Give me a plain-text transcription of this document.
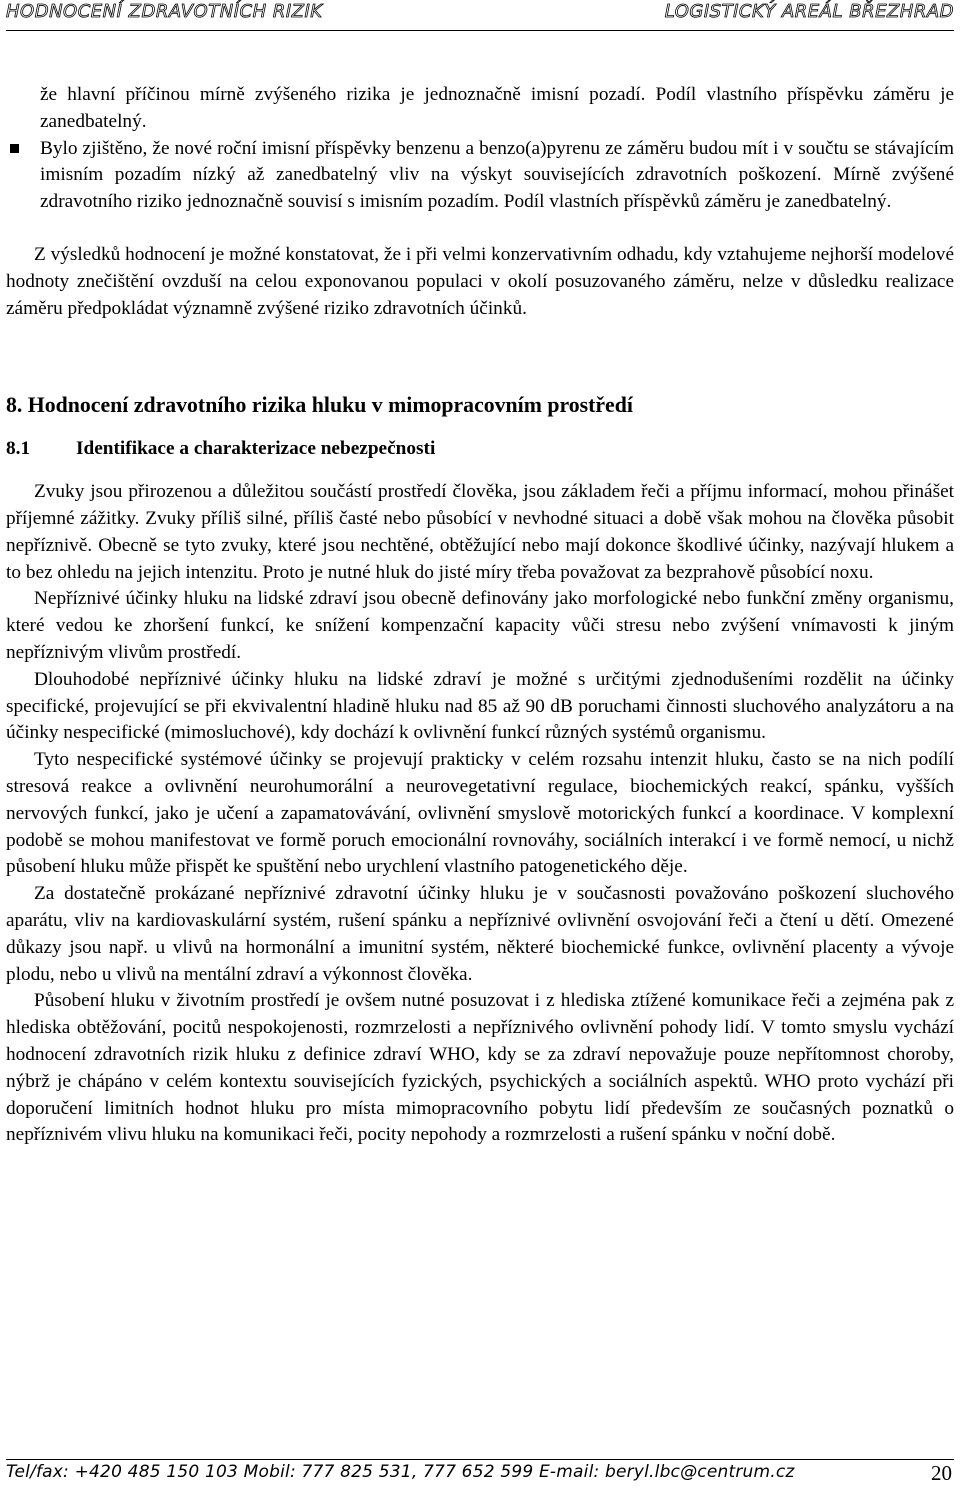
HODNOCENÍ ZDRAVOTNÍCH RIZIK	LOGISTICKÝ AREÁL BŘEZHRAD

že hlavní příčinou mírně zvýšeného rizika je jednoznačně imisní pozadí. Podíl vlastního příspěvku záměru je zanedbatelný.

Bylo zjištěno, že nové roční imisní příspěvky benzenu a benzo(a)pyrenu ze záměru budou mít i v součtu se stávajícím imisním pozadím nízký až zanedbatelný vliv na výskyt souvisejících zdravotních poškození. Mírně zvýšené zdravotního riziko jednoznačně souvisí s imisním pozadím. Podíl vlastních příspěvků záměru je zanedbatelný.

Z výsledků hodnocení je možné konstatovat, že i při velmi konzervativním odhadu, kdy vztahujeme nejhorší modelové hodnoty znečištění ovzduší na celou exponovanou populaci v okolí posuzovaného záměru, nelze v důsledku realizace záměru předpokládat významně zvýšené riziko zdravotních účinků.

8. Hodnocení zdravotního rizika hluku v mimopracovním prostředí

8.1	Identifikace a charakterizace nebezpečnosti

Zvuky jsou přirozenou a důležitou součástí prostředí člověka, jsou základem řeči a příjmu informací, mohou přinášet příjemné zážitky. Zvuky příliš silné, příliš časté nebo působící v nevhodné situaci a době však mohou na člověka působit nepříznivě. Obecně se tyto zvuky, které jsou nechtěné, obtěžující nebo mají dokonce škodlivé účinky, nazývají hlukem a to bez ohledu na jejich intenzitu. Proto je nutné hluk do jisté míry třeba považovat za bezprahově působící noxu.

Nepříznivé účinky hluku na lidské zdraví jsou obecně definovány jako morfologické nebo funkční změny organismu, které vedou ke zhoršení funkcí, ke snížení kompenzační kapacity vůči stresu nebo zvýšení vnímavosti k jiným nepříznivým vlivům prostředí.

Dlouhodobé nepříznivé účinky hluku na lidské zdraví je možné s určitými zjednodušeními rozdělit na účinky specifické, projevující se při ekvivalentní hladině hluku nad 85 až 90 dB poruchami činnosti sluchového analyzátoru a na účinky nespecifické (mimosluchové), kdy dochází k ovlivnění funkcí různých systémů organismu.

Tyto nespecifické systémové účinky se projevují prakticky v celém rozsahu intenzit hluku, často se na nich podílí stresová reakce a ovlivnění neurohumorální a neurovegetativní regulace, biochemických reakcí, spánku, vyšších nervových funkcí, jako je učení a zapamatovávání, ovlivnění smyslově motorických funkcí a koordinace. V komplexní podobě se mohou manifestovat ve formě poruch emocionální rovnováhy, sociálních interakcí i ve formě nemocí, u nichž působení hluku může přispět ke spuštění nebo urychlení vlastního patogenetického děje.

Za dostatečně prokázané nepříznivé zdravotní účinky hluku je v současnosti považováno poškození sluchového aparátu, vliv na kardiovaskulární systém, rušení spánku a nepříznivé ovlivnění osvojování řeči a čtení u dětí. Omezené důkazy jsou např. u vlivů na hormonální a imunitní systém, některé biochemické funkce, ovlivnění placenty a vývoje plodu, nebo u vlivů na mentální zdraví a výkonnost člověka.

Působení hluku v životním prostředí je ovšem nutné posuzovat i z hlediska ztížené komunikace řeči a zejména pak z hlediska obtěžování, pocitů nespokojenosti, rozmrzelosti a nepříznivého ovlivnění pohody lidí. V tomto smyslu vychází hodnocení zdravotních rizik hluku z definice zdraví WHO, kdy se za zdraví nepovažuje pouze nepřítomnost choroby, nýbrž je chápáno v celém kontextu souvisejících fyzických, psychických a sociálních aspektů. WHO proto vychází při doporučení limitních hodnot hluku pro místa mimopracovního pobytu lidí především ze současných poznatků o nepříznivém vlivu hluku na komunikaci řeči, pocity nepohody a rozmrzelosti a rušení spánku v noční době.

Tel/fax: +420 485 150 103 Mobil: 777 825 531, 777 652 599 E-mail: beryl.lbc@centrum.cz	20
